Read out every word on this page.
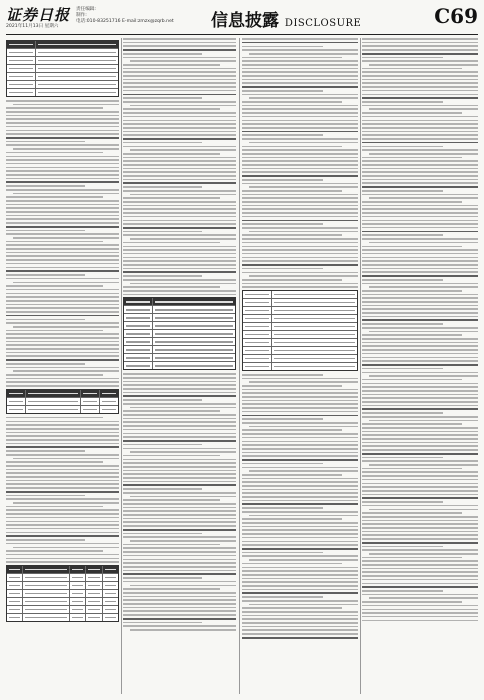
证券日报
2021年11月13日 星期六
责任编辑:
制作:
电话:010-83251716 E-mail:zmzx@zqrb.net 信息披露 DISCLOSURE	C69
